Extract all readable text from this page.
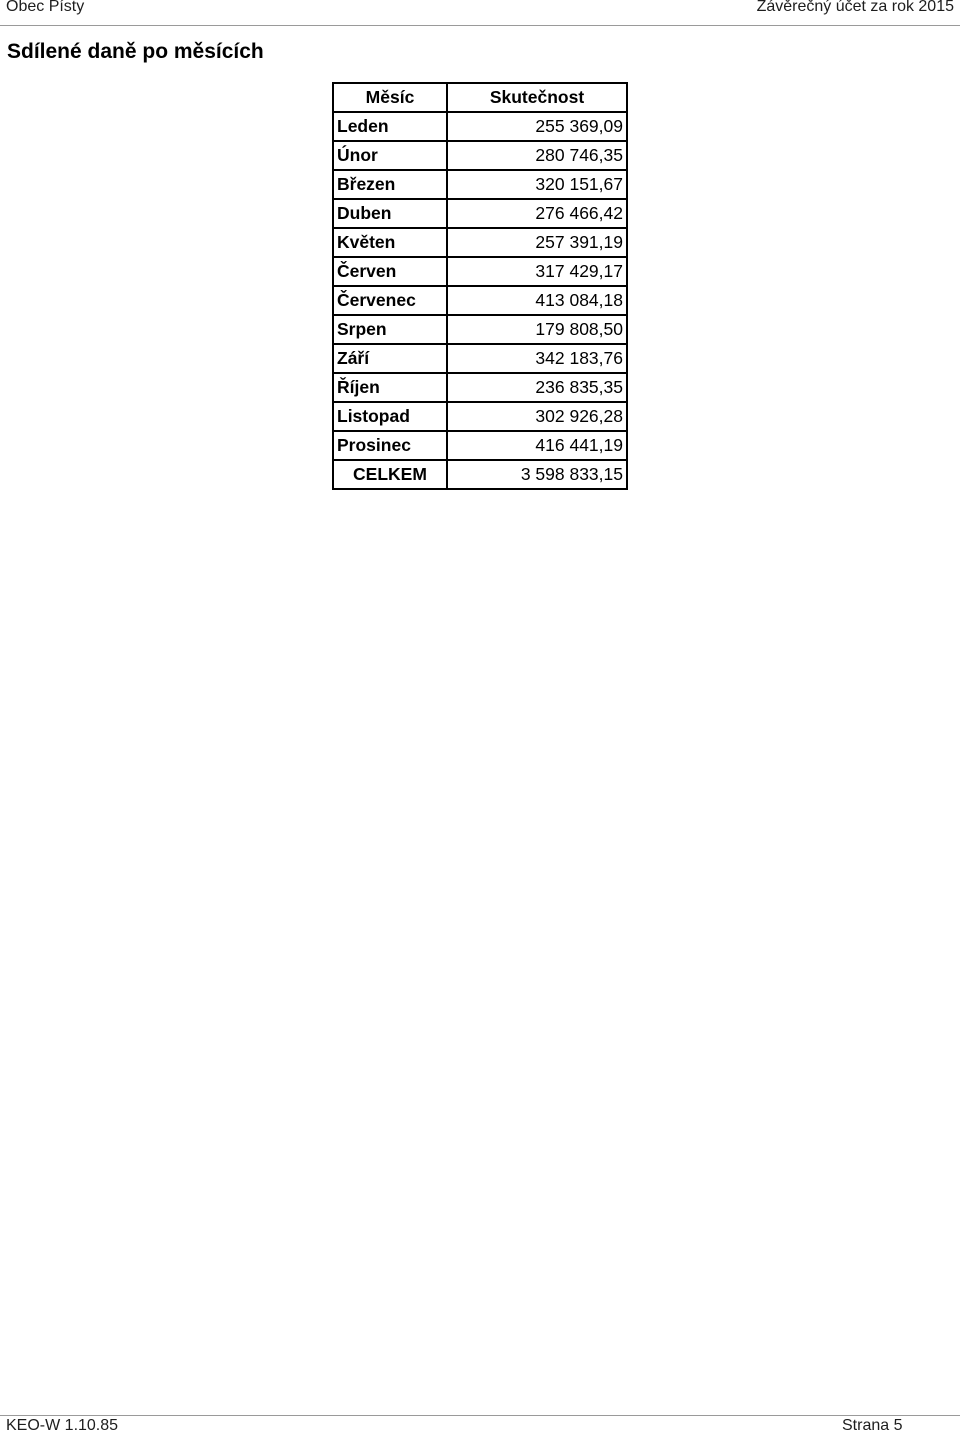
Obec Písty	Závěrečný účet za rok 2015
Sdílené daně po měsících
Měsíc	Skutečnost
Leden	255 369,09
Únor	280 746,35
Březen	320 151,67
Duben	276 466,42
Květen	257 391,19
Červen	317 429,17
Červenec	413 084,18
Srpen	179 808,50
Září	342 183,76
Říjen	236 835,35
Listopad	302 926,28
Prosinec	416 441,19
CELKEM	3 598 833,15
KEO-W 1.10.85	Strana 5
